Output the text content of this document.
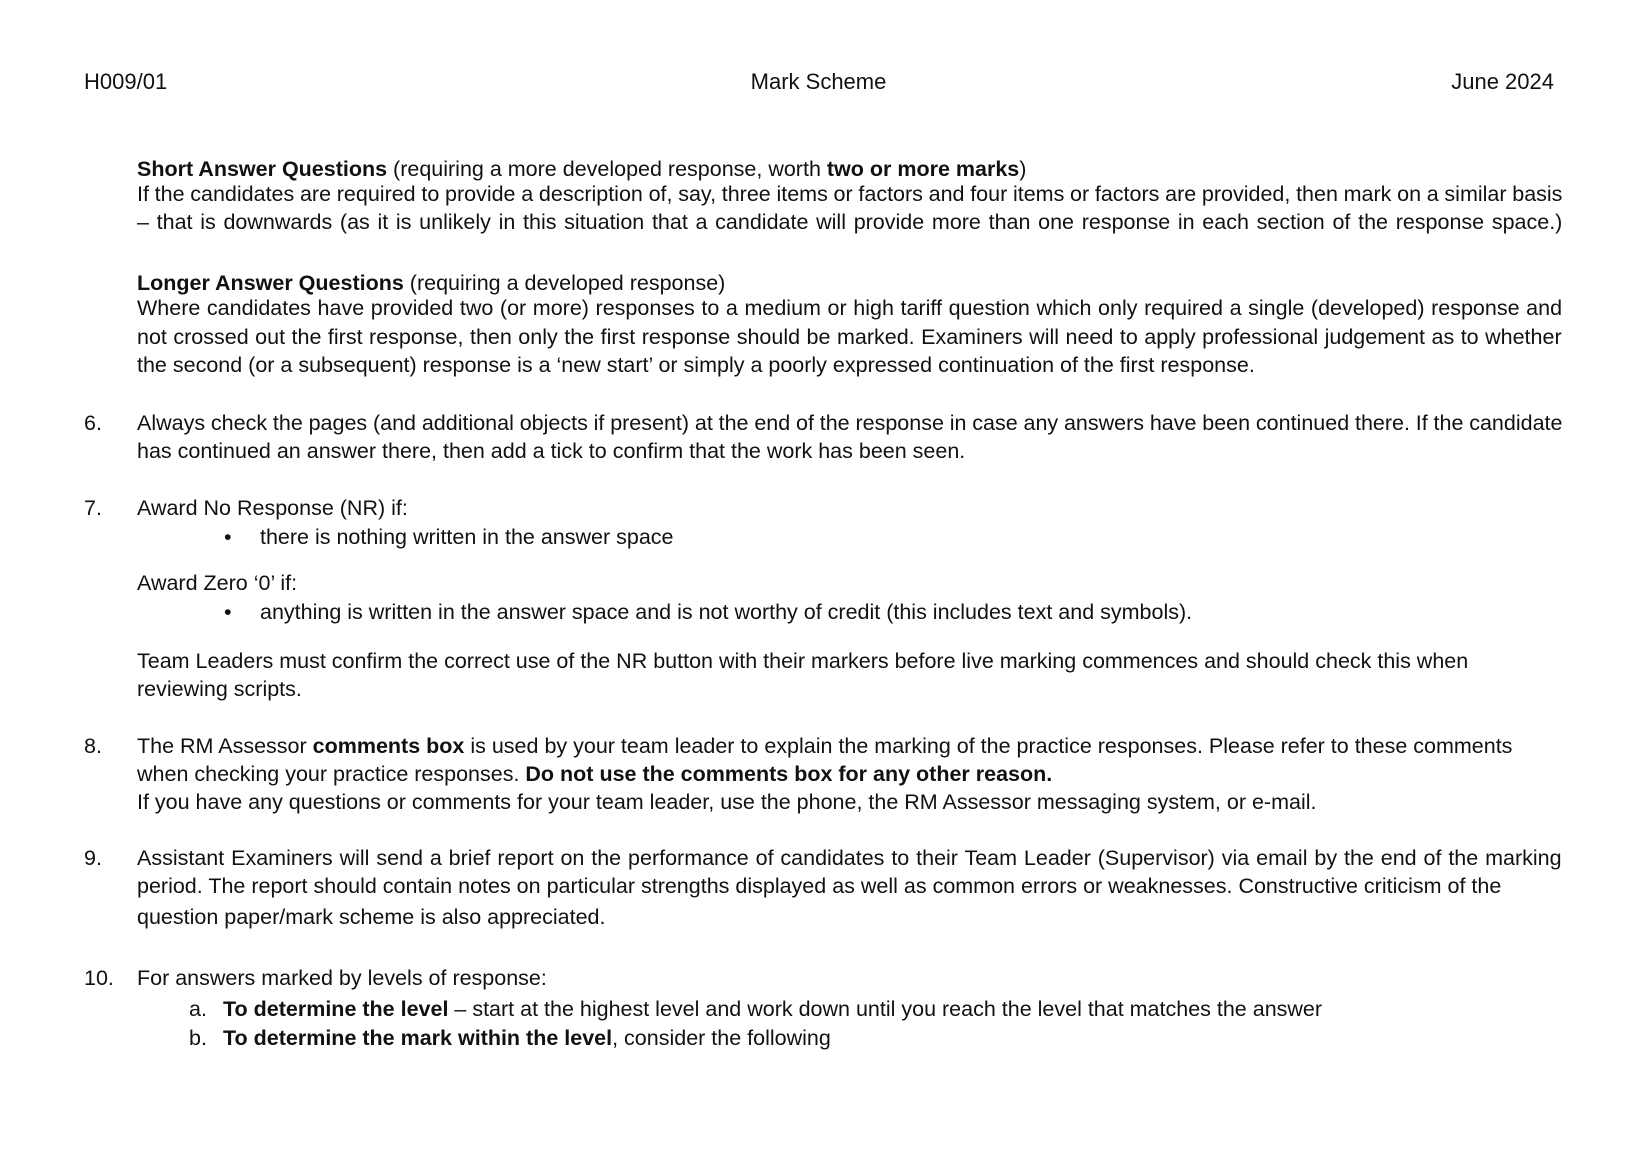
H009/01	Mark Scheme	June 2024
Short Answer Questions (requiring a more developed response, worth two or more marks)
If the candidates are required to provide a description of, say, three items or factors and four items or factors are provided, then mark on a similar basis
– that is downwards (as it is unlikely in this situation that a candidate will provide more than one response in each section of the response space.)
Longer Answer Questions (requiring a developed response)
Where candidates have provided two (or more) responses to a medium or high tariff question which only required a single (developed) response and
not crossed out the first response, then only the first response should be marked. Examiners will need to apply professional judgement as to whether
the second (or a subsequent) response is a ‘new start’ or simply a poorly expressed continuation of the first response.
6. Always check the pages (and additional objects if present) at the end of the response in case any answers have been continued there. If the candidate
has continued an answer there, then add a tick to confirm that the work has been seen.
7. Award No Response (NR) if:
• there is nothing written in the answer space
Award Zero ‘0’ if:
• anything is written in the answer space and is not worthy of credit (this includes text and symbols).
Team Leaders must confirm the correct use of the NR button with their markers before live marking commences and should check this when
reviewing scripts.
8. The RM Assessor comments box is used by your team leader to explain the marking of the practice responses. Please refer to these comments
when checking your practice responses. Do not use the comments box for any other reason.
If you have any questions or comments for your team leader, use the phone, the RM Assessor messaging system, or e-mail.
9. Assistant Examiners will send a brief report on the performance of candidates to their Team Leader (Supervisor) via email by the end of the marking
period. The report should contain notes on particular strengths displayed as well as common errors or weaknesses. Constructive criticism of the
question paper/mark scheme is also appreciated.
10. For answers marked by levels of response:
a. To determine the level – start at the highest level and work down until you reach the level that matches the answer
b. To determine the mark within the level, consider the following
